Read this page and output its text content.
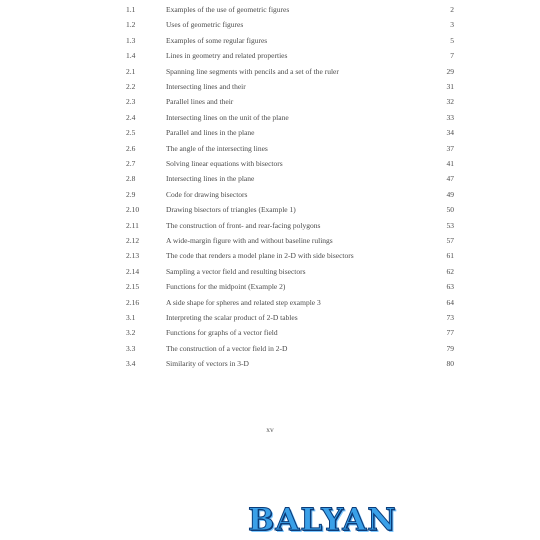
1.1	Examples of the use of geometric figures	2
1.2	Uses of geometric figures	3
1.3	Examples of some regular figures	5
1.4	Lines in geometry and related properties	7
2.1	Spanning line segments with pencils and a set of the ruler	29
2.2	Intersecting lines and their	31
2.3	Parallel lines and their	32
2.4	Intersecting lines on the unit of the plane	33
2.5	Parallel and lines in the plane	34
2.6	The angle of the intersecting lines	37
2.7	Solving linear equations with bisectors	41
2.8	Intersecting lines in the plane	47
2.9	Code for drawing bisectors	49
2.10	Drawing bisectors of triangles (Example 1)	50
2.11	The construction of front- and rear-facing polygons	53
2.12	A wide-margin figure with and without baseline rulings	57
2.13	The code that renders a model plane in 2-D with side bisectors	61
2.14	Sampling a vector field and resulting bisectors	62
2.15	Functions for the midpoint (Example 2)	63
2.16	A side shape for spheres and related step example 3	64
3.1	Interpreting the scalar product of 2-D tables	73
3.2	Functions for graphs of a vector field	77
3.3	The construction of a vector field in 2-D	79
3.4	Similarity of vectors in 3-D	80
xv
BALYAN
